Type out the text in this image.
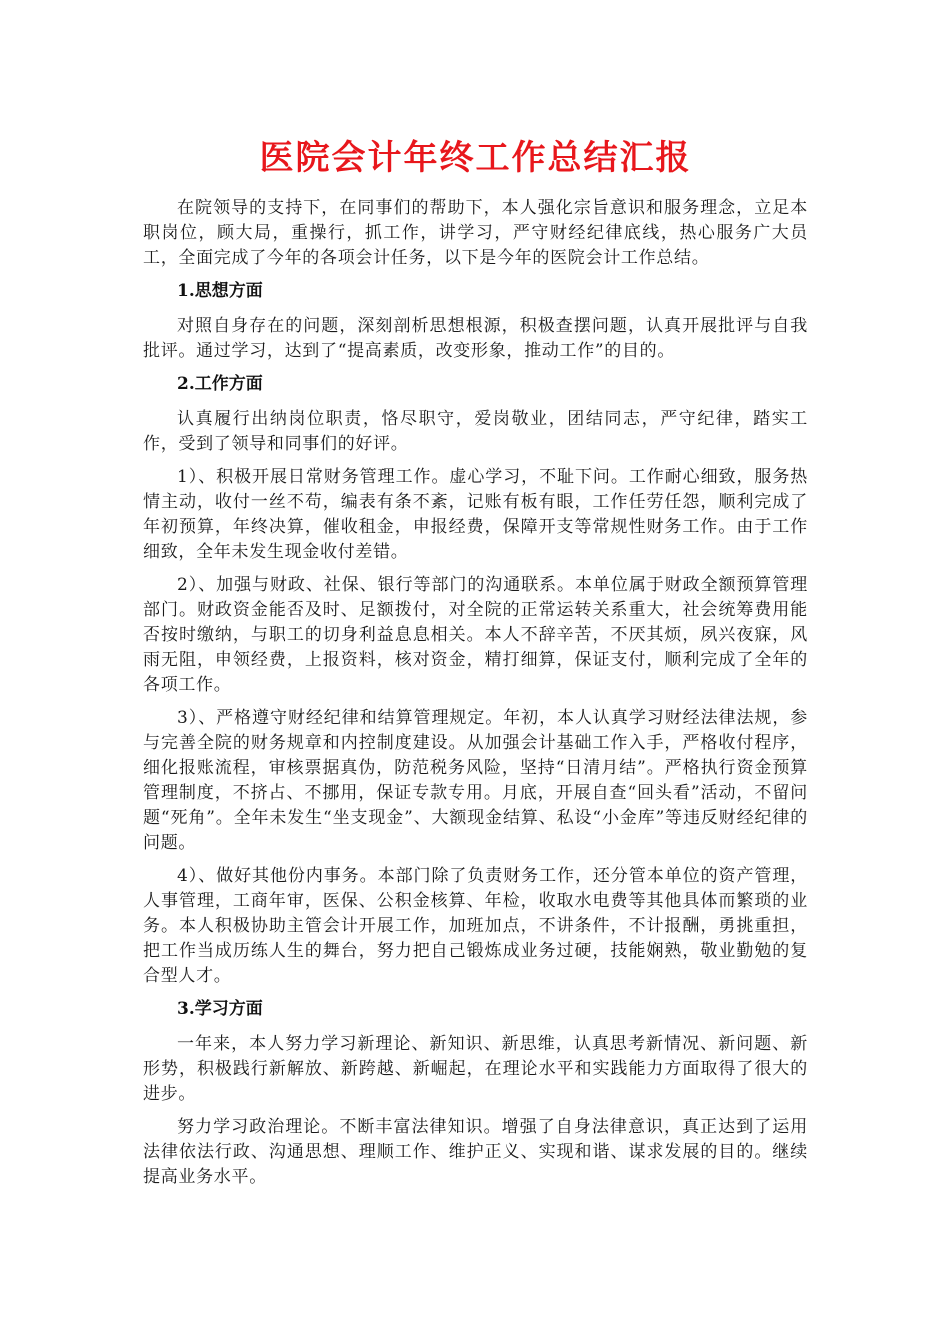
医院会计年终工作总结汇报

在院领导的支持下，在同事们的帮助下，本人强化宗旨意识和服务理念，立足本职岗位，顾大局，重操行，抓工作，讲学习，严守财经纪律底线，热心服务广大员工，全面完成了今年的各项会计任务，以下是今年的医院会计工作总结。

1.思想方面

对照自身存在的问题，深刻剖析思想根源，积极查摆问题，认真开展批评与自我批评。通过学习，达到了“提高素质，改变形象，推动工作”的目的。

2.工作方面

认真履行出纳岗位职责，恪尽职守，爱岗敬业，团结同志，严守纪律，踏实工作，受到了领导和同事们的好评。

1）、积极开展日常财务管理工作。虚心学习，不耻下问。工作耐心细致，服务热情主动，收付一丝不苟，编表有条不紊，记账有板有眼，工作任劳任怨，顺利完成了年初预算，年终决算，催收租金，申报经费，保障开支等常规性财务工作。由于工作细致，全年未发生现金收付差错。

2）、加强与财政、社保、银行等部门的沟通联系。本单位属于财政全额预算管理部门。财政资金能否及时、足额拨付，对全院的正常运转关系重大，社会统筹费用能否按时缴纳，与职工的切身利益息息相关。本人不辞辛苦，不厌其烦，夙兴夜寐，风雨无阻，申领经费，上报资料，核对资金，精打细算，保证支付，顺利完成了全年的各项工作。

3）、严格遵守财经纪律和结算管理规定。年初，本人认真学习财经法律法规，参与完善全院的财务规章和内控制度建设。从加强会计基础工作入手，严格收付程序，细化报账流程，审核票据真伪，防范税务风险，坚持“日清月结”。严格执行资金预算管理制度，不挤占、不挪用，保证专款专用。月底，开展自查“回头看”活动，不留问题“死角”。全年未发生“坐支现金”、大额现金结算、私设“小金库”等违反财经纪律的问题。

4）、做好其他份内事务。本部门除了负责财务工作，还分管本单位的资产管理，人事管理，工商年审，医保、公积金核算、年检，收取水电费等其他具体而繁琐的业务。本人积极协助主管会计开展工作，加班加点，不讲条件，不计报酬，勇挑重担，把工作当成历练人生的舞台，努力把自己锻炼成业务过硬，技能娴熟，敬业勤勉的复合型人才。

3.学习方面

一年来，本人努力学习新理论、新知识、新思维，认真思考新情况、新问题、新形势，积极践行新解放、新跨越、新崛起，在理论水平和实践能力方面取得了很大的进步。

努力学习政治理论。不断丰富法律知识。增强了自身法律意识，真正达到了运用法律依法行政、沟通思想、理顺工作、维护正义、实现和谐、谋求发展的目的。继续提高业务水平。
